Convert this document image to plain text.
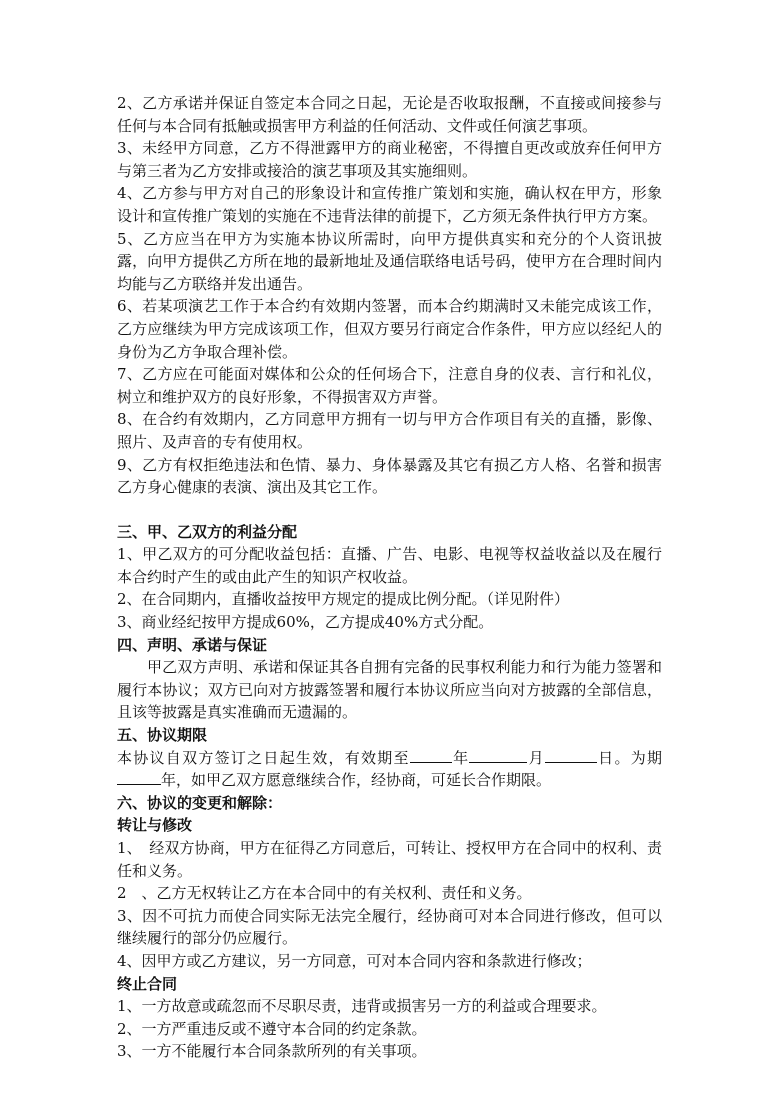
2、乙方承诺并保证自签定本合同之日起，无论是否收取报酬，不直接或间接参与任何与本合同有抵触或损害甲方利益的任何活动、文件或任何演艺事项。

3、未经甲方同意，乙方不得泄露甲方的商业秘密，不得擅自更改或放弃任何甲方与第三者为乙方安排或接洽的演艺事项及其实施细则。

4、乙方参与甲方对自己的形象设计和宣传推广策划和实施，确认权在甲方，形象设计和宣传推广策划的实施在不违背法律的前提下，乙方须无条件执行甲方方案。

5、乙方应当在甲方为实施本协议所需时，向甲方提供真实和充分的个人资讯披露，向甲方提供乙方所在地的最新地址及通信联络电话号码，使甲方在合理时间内均能与乙方联络并发出通告。

6、若某项演艺工作于本合约有效期内签署，而本合约期满时又未能完成该工作，乙方应继续为甲方完成该项工作，但双方要另行商定合作条件，甲方应以经纪人的身份为乙方争取合理补偿。

7、乙方应在可能面对媒体和公众的任何场合下，注意自身的仪表、言行和礼仪，树立和维护双方的良好形象，不得损害双方声誉。

8、在合约有效期内，乙方同意甲方拥有一切与甲方合作项目有关的直播，影像、照片、及声音的专有使用权。

9、乙方有权拒绝违法和色情、暴力、身体暴露及其它有损乙方人格、名誉和损害乙方身心健康的表演、演出及其它工作。

三、甲、乙双方的利益分配

1、甲乙双方的可分配收益包括：直播、广告、电影、电视等权益收益以及在履行本合约时产生的或由此产生的知识产权收益。

2、在合同期内，直播收益按甲方规定的提成比例分配。（详见附件）

3、商业经纪按甲方提成60%，乙方提成40%方式分配。

四、声明、承诺与保证

甲乙双方声明、承诺和保证其各自拥有完备的民事权利能力和行为能力签署和履行本协议；双方已向对方披露签署和履行本协议所应当向对方披露的全部信息，且该等披露是真实准确而无遗漏的。

五、协议期限

本协议自双方签订之日起生效，有效期至	年	月	日。为期年，如甲乙双方愿意继续合作，经协商，可延长合作期限。

六、协议的变更和解除：

转让与修改

1、　经双方协商，甲方在征得乙方同意后，可转让、授权甲方在合同中的权利、责任和义务。

2　、乙方无权转让乙方在本合同中的有关权利、责任和义务。

3、因不可抗力而使合同实际无法完全履行，经协商可对本合同进行修改，但可以继续履行的部分仍应履行。

4、因甲方或乙方建议，另一方同意，可对本合同内容和条款进行修改；

终止合同

1、一方故意或疏忽而不尽职尽责，违背或损害另一方的利益或合理要求。

2、一方严重违反或不遵守本合同的约定条款。

3、一方不能履行本合同条款所列的有关事项。
